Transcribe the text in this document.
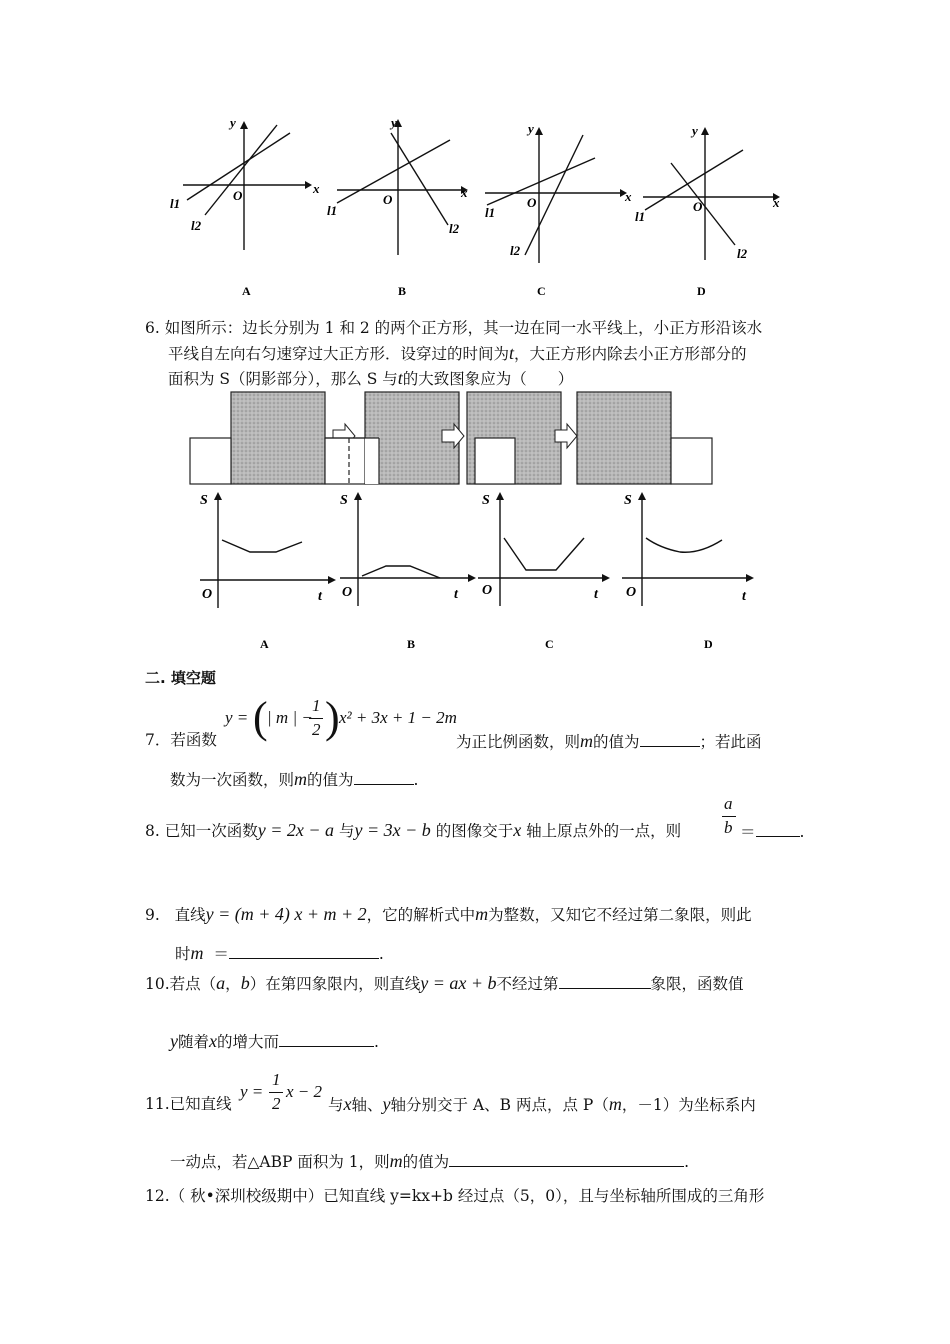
O
y
x
l1
l2
A
O
y
x
l1
l2
B
O
y
x
l1
l2
C
O
y
x
l1
l2
D
6. 如图所示：边长分别为 1 和 2 的两个正方形，其一边在同一水平线上，小正方形沿该水
平线自左向右匀速穿过大正方形．设穿过的时间为t，大正方形内除去小正方形部分的
面积为 S（阴影部分），那么 S 与t的大致图象应为（　　）
S
O	t
A
S
O	t
B
S
O	t
C
S
O	t
D
二. 填空题
y = ( | m | −
1
2 ) x² + 3x + 1 − 2m
7．若函数	为正比例函数，则m的值为	；若此函
数为一次函数，则m的值为	.
8. 已知一次函数y = 2x − a 与y = 3x − b 的图像交于x 轴上原点外的一点，则
a
b ＝	.
9. 直线y = (m + 4) x + m + 2，它的解析式中m为整数，又知它不经过第二象限，则此
时m ＝	.
10.若点（a，b）在第四象限内，则直线y = ax + b不经过第	象限，函数值
y随着x的增大而	.
y =
1
2
x − 2
11.已知直线	与x轴、y轴分别交于 A、B 两点，点 P（m，－1）为坐标系内
一动点，若△ABP 面积为 1，则m的值为	.
12.（ 秋•深圳校级期中）已知直线 y=kx+b 经过点（5，0），且与坐标轴所围成的三角形
